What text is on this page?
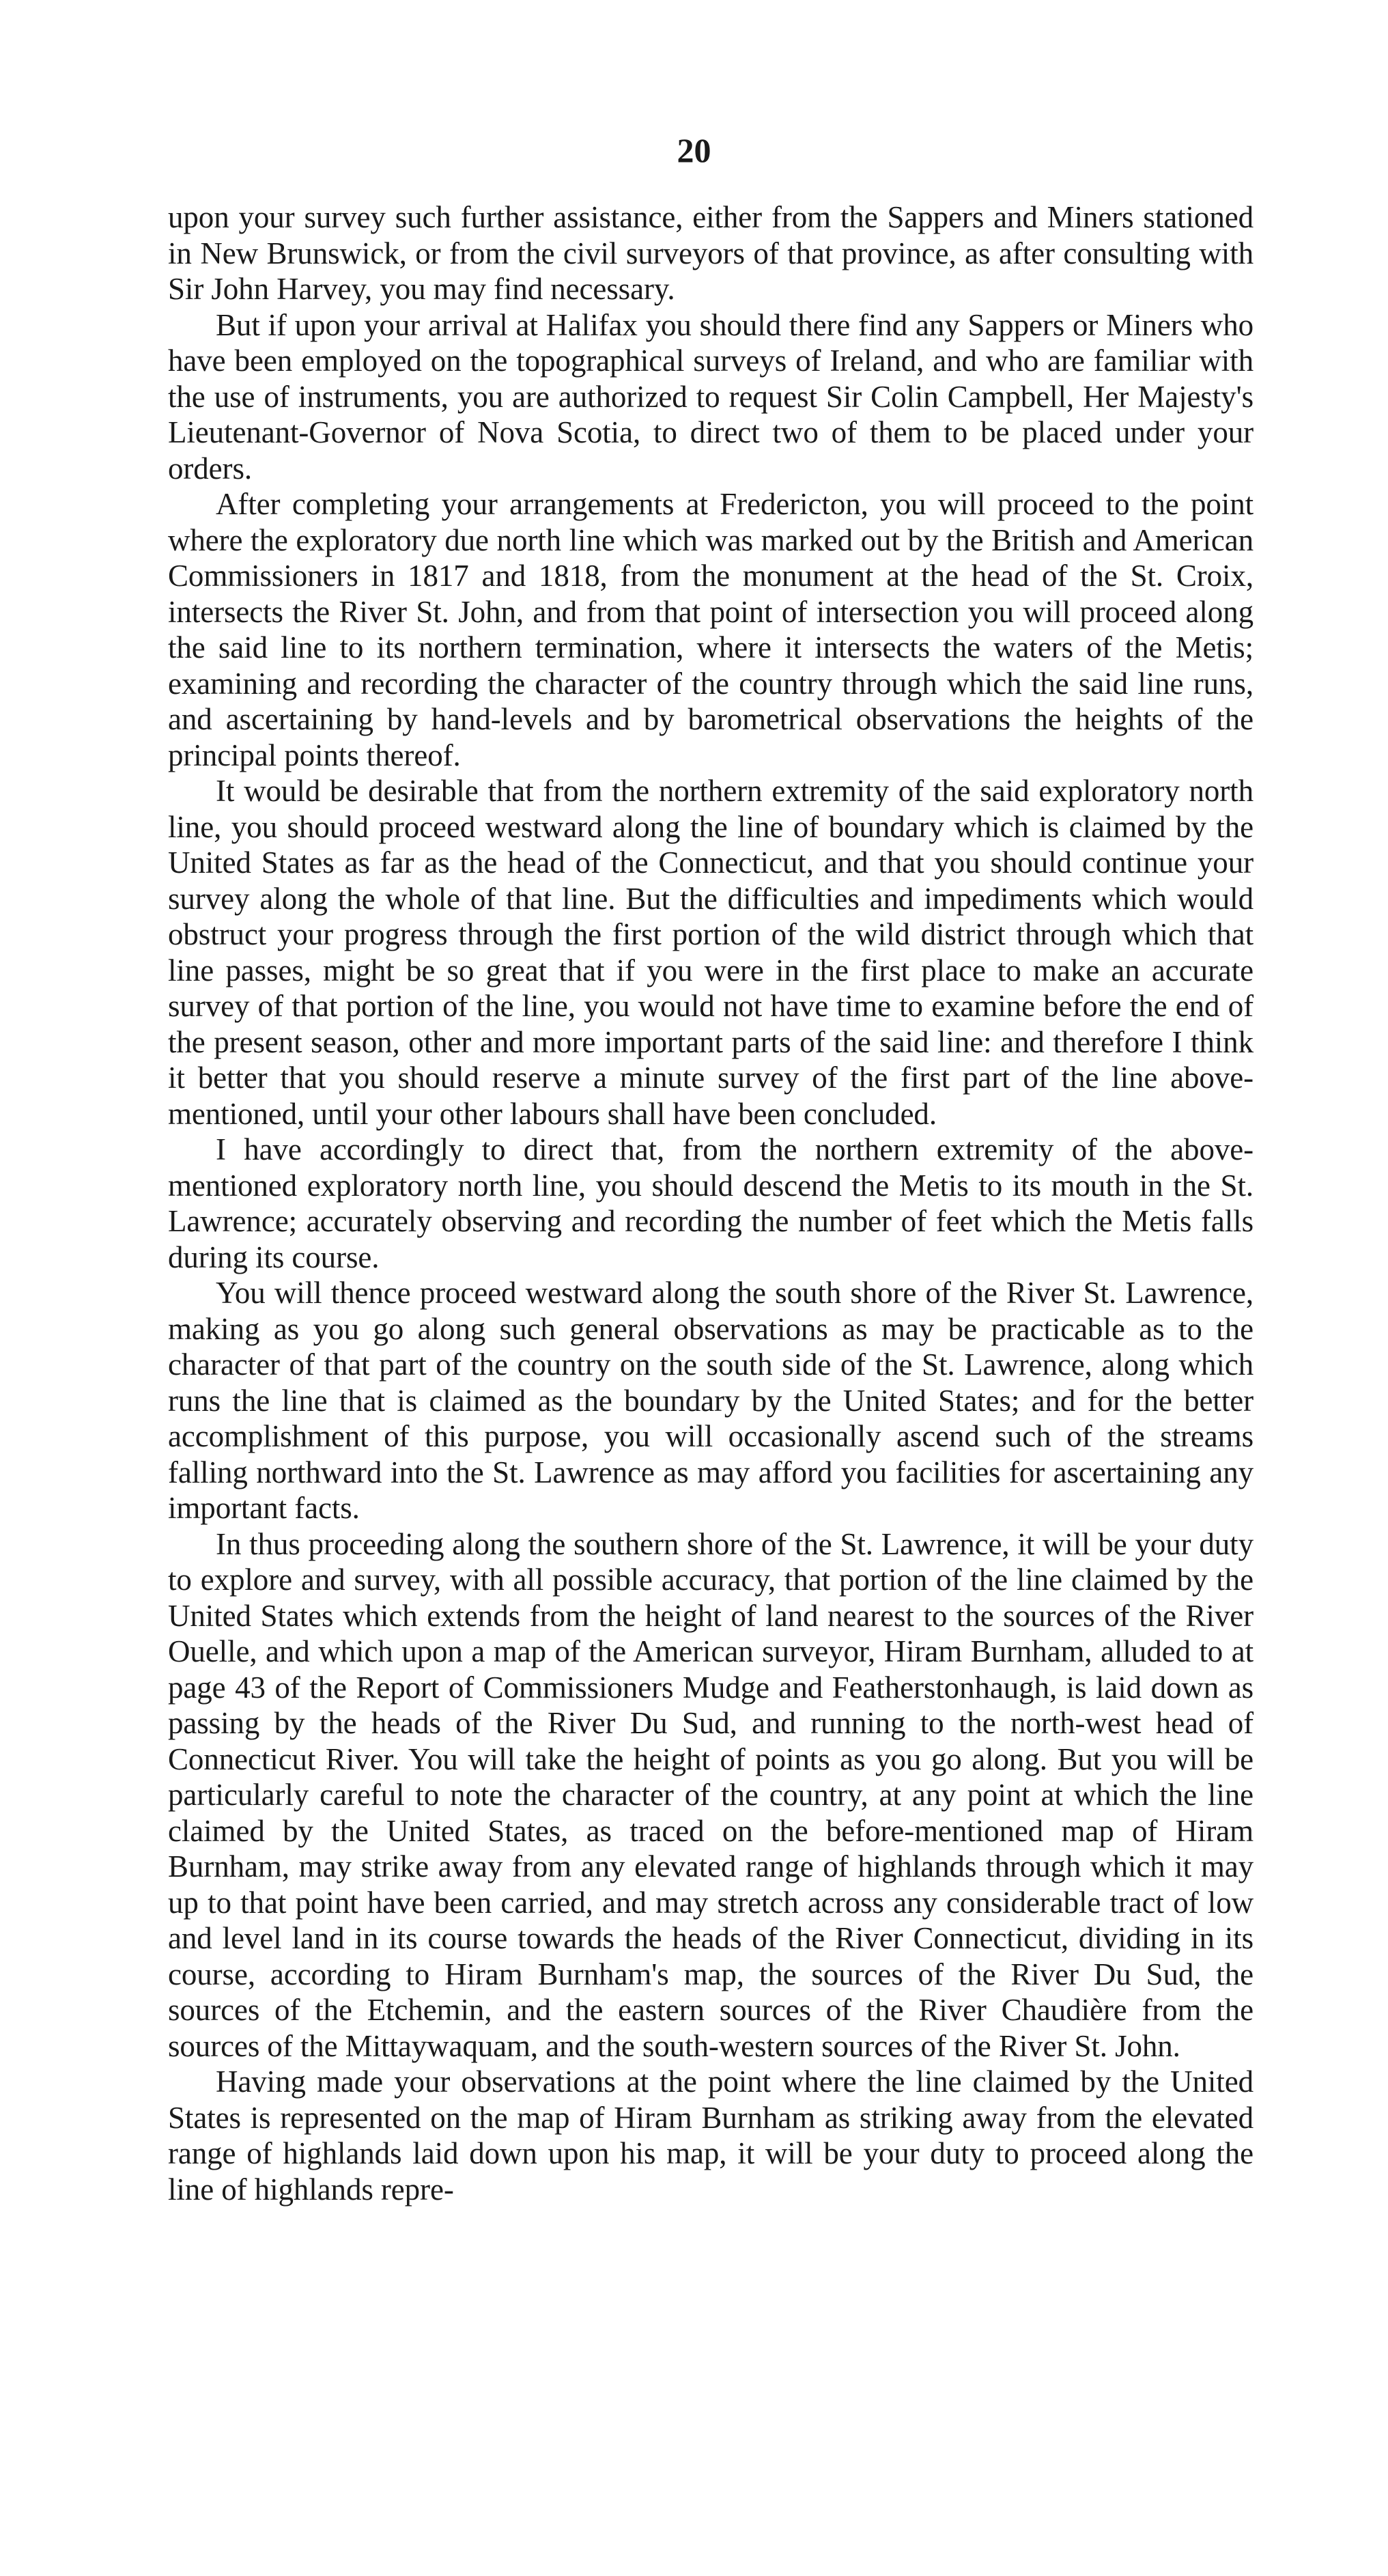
20

upon your survey such further assistance, either from the Sappers and Miners stationed in New Brunswick, or from the civil surveyors of that province, as after consulting with Sir John Harvey, you may find necessary.

But if upon your arrival at Halifax you should there find any Sappers or Miners who have been employed on the topographical surveys of Ireland, and who are familiar with the use of instruments, you are authorized to request Sir Colin Campbell, Her Majesty's Lieutenant-Governor of Nova Scotia, to direct two of them to be placed under your orders.

After completing your arrangements at Fredericton, you will proceed to the point where the exploratory due north line which was marked out by the British and American Commissioners in 1817 and 1818, from the monument at the head of the St. Croix, intersects the River St. John, and from that point of intersection you will proceed along the said line to its northern termination, where it intersects the waters of the Metis; examining and recording the character of the country through which the said line runs, and ascertaining by hand-levels and by barometrical observations the heights of the principal points thereof.

It would be desirable that from the northern extremity of the said exploratory north line, you should proceed westward along the line of boundary which is claimed by the United States as far as the head of the Connecticut, and that you should continue your survey along the whole of that line. But the difficulties and impediments which would obstruct your progress through the first portion of the wild district through which that line passes, might be so great that if you were in the first place to make an accurate survey of that portion of the line, you would not have time to examine before the end of the present season, other and more important parts of the said line: and therefore I think it better that you should reserve a minute survey of the first part of the line above-mentioned, until your other labours shall have been concluded.

I have accordingly to direct that, from the northern extremity of the above-mentioned exploratory north line, you should descend the Metis to its mouth in the St. Lawrence; accurately observing and recording the number of feet which the Metis falls during its course.

You will thence proceed westward along the south shore of the River St. Lawrence, making as you go along such general observations as may be practicable as to the character of that part of the country on the south side of the St. Lawrence, along which runs the line that is claimed as the boundary by the United States; and for the better accomplishment of this purpose, you will occasionally ascend such of the streams falling northward into the St. Lawrence as may afford you facilities for ascertaining any important facts.

In thus proceeding along the southern shore of the St. Lawrence, it will be your duty to explore and survey, with all possible accuracy, that portion of the line claimed by the United States which extends from the height of land nearest to the sources of the River Ouelle, and which upon a map of the American surveyor, Hiram Burnham, alluded to at page 43 of the Report of Commissioners Mudge and Featherstonhaugh, is laid down as passing by the heads of the River Du Sud, and running to the north-west head of Connecticut River. You will take the height of points as you go along. But you will be particularly careful to note the character of the country, at any point at which the line claimed by the United States, as traced on the before-mentioned map of Hiram Burnham, may strike away from any elevated range of highlands through which it may up to that point have been carried, and may stretch across any considerable tract of low and level land in its course towards the heads of the River Connecticut, dividing in its course, according to Hiram Burnham's map, the sources of the River Du Sud, the sources of the Etchemin, and the eastern sources of the River Chaudière from the sources of the Mittaywaquam, and the south-western sources of the River St. John.

Having made your observations at the point where the line claimed by the United States is represented on the map of Hiram Burnham as striking away from the elevated range of highlands laid down upon his map, it will be your duty to proceed along the line of highlands repre-
